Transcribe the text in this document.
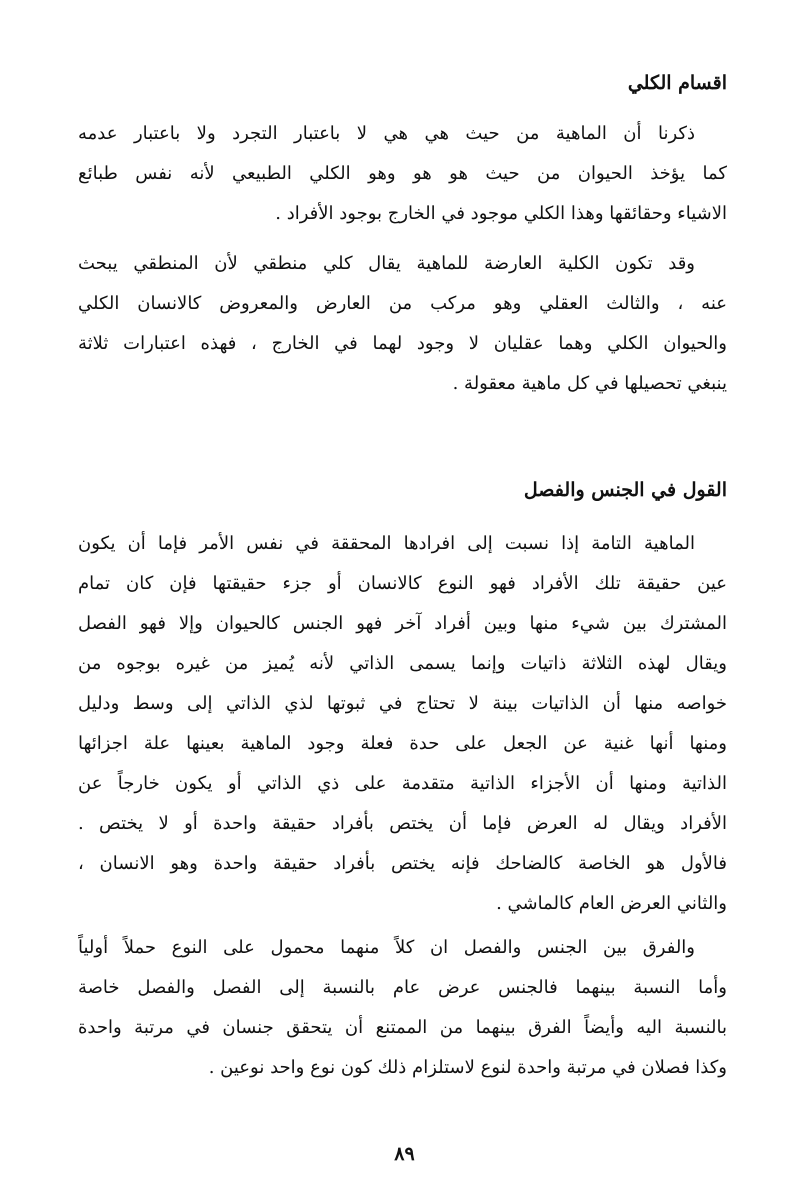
اقسام الكلي
ذكرنا أن الماهية من حيث هي هي لا باعتبار التجرد ولا باعتبار عدمه
كما يؤخذ الحيوان من حيث هو هو وهو الكلي الطبيعي لأنه نفس طبائع
الاشياء وحقائقها وهذا الكلي موجود في الخارج بوجود الأفراد .
وقد تكون الكلية العارضة للماهية يقال كلي منطقي لأن المنطقي يبحث
عنه ، والثالث العقلي وهو مركب من العارض والمعروض كالانسان الكلي
والحيوان الكلي وهما عقليان لا وجود لهما في الخارج ، فهذه اعتبارات ثلاثة
ينبغي تحصيلها في كل ماهية معقولة .
القول في الجنس والفصل
الماهية التامة إذا نسبت إلى افرادها المحققة في نفس الأمر فإما أن يكون
عين حقيقة تلك الأفراد فهو النوع كالانسان أو جزء حقيقتها فإن كان تمام
المشترك بين شيء منها وبين أفراد آخر فهو الجنس كالحيوان وإلا فهو الفصل
ويقال لهذه الثلاثة ذاتيات وإنما يسمى الذاتي لأنه يُميز من غيره بوجوه من
خواصه منها أن الذاتيات بينة لا تحتاج في ثبوتها لذي الذاتي إلى وسط ودليل
ومنها أنها غنية عن الجعل على حدة فعلة وجود الماهية بعينها علة اجزائها
الذاتية ومنها أن الأجزاء الذاتية متقدمة على ذي الذاتي أو يكون خارجاً عن
الأفراد ويقال له العرض فإما أن يختص بأفراد حقيقة واحدة أو لا يختص .
فالأول هو الخاصة كالضاحك فإنه يختص بأفراد حقيقة واحدة وهو الانسان ،
والثاني العرض العام كالماشي .
والفرق بين الجنس والفصل ان كلاً منهما محمول على النوع حملاً أولياً
وأما النسبة بينهما فالجنس عرض عام بالنسبة إلى الفصل والفصل خاصة
بالنسبة اليه وأيضاً الفرق بينهما من الممتنع أن يتحقق جنسان في مرتبة واحدة
وكذا فصلان في مرتبة واحدة لنوع لاستلزام ذلك كون نوع واحد نوعين .
٨٩
